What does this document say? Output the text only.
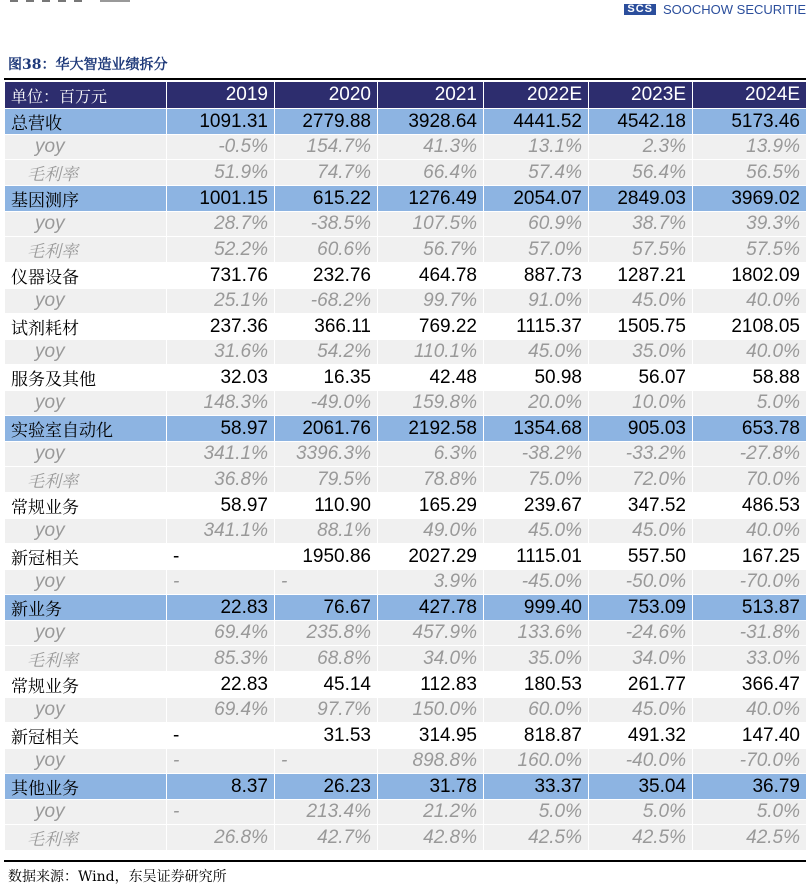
SCS SOOCHOW SECURITIE
图38：华大智造业绩拆分
单位：百万元	2019	2020	2021	2022E	2023E	2024E
总营收	1091.31	2779.88	3928.64	4441.52	4542.18	5173.46
yoy	-0.5%	154.7%	41.3%	13.1%	2.3%	13.9%
毛利率	51.9%	74.7%	66.4%	57.4%	56.4%	56.5%
基因测序	1001.15	615.22	1276.49	2054.07	2849.03	3969.02
yoy	28.7%	-38.5%	107.5%	60.9%	38.7%	39.3%
毛利率	52.2%	60.6%	56.7%	57.0%	57.5%	57.5%
仪器设备	731.76	232.76	464.78	887.73	1287.21	1802.09
yoy	25.1%	-68.2%	99.7%	91.0%	45.0%	40.0%
试剂耗材	237.36	366.11	769.22	1115.37	1505.75	2108.05
yoy	31.6%	54.2%	110.1%	45.0%	35.0%	40.0%
服务及其他	32.03	16.35	42.48	50.98	56.07	58.88
yoy	148.3%	-49.0%	159.8%	20.0%	10.0%	5.0%
实验室自动化	58.97	2061.76	2192.58	1354.68	905.03	653.78
yoy	341.1%	3396.3%	6.3%	-38.2%	-33.2%	-27.8%
毛利率	36.8%	79.5%	78.8%	75.0%	72.0%	70.0%
常规业务	58.97	110.90	165.29	239.67	347.52	486.53
yoy	341.1%	88.1%	49.0%	45.0%	45.0%	40.0%
新冠相关	-	1950.86	2027.29	1115.01	557.50	167.25
yoy	-	-	3.9%	-45.0%	-50.0%	-70.0%
新业务	22.83	76.67	427.78	999.40	753.09	513.87
yoy	69.4%	235.8%	457.9%	133.6%	-24.6%	-31.8%
毛利率	85.3%	68.8%	34.0%	35.0%	34.0%	33.0%
常规业务	22.83	45.14	112.83	180.53	261.77	366.47
yoy	69.4%	97.7%	150.0%	60.0%	45.0%	40.0%
新冠相关	-	31.53	314.95	818.87	491.32	147.40
yoy	-	-	898.8%	160.0%	-40.0%	-70.0%
其他业务	8.37	26.23	31.78	33.37	35.04	36.79
yoy	-	213.4%	21.2%	5.0%	5.0%	5.0%
毛利率	26.8%	42.7%	42.8%	42.5%	42.5%	42.5%
数据来源：Wind，东吴证券研究所
